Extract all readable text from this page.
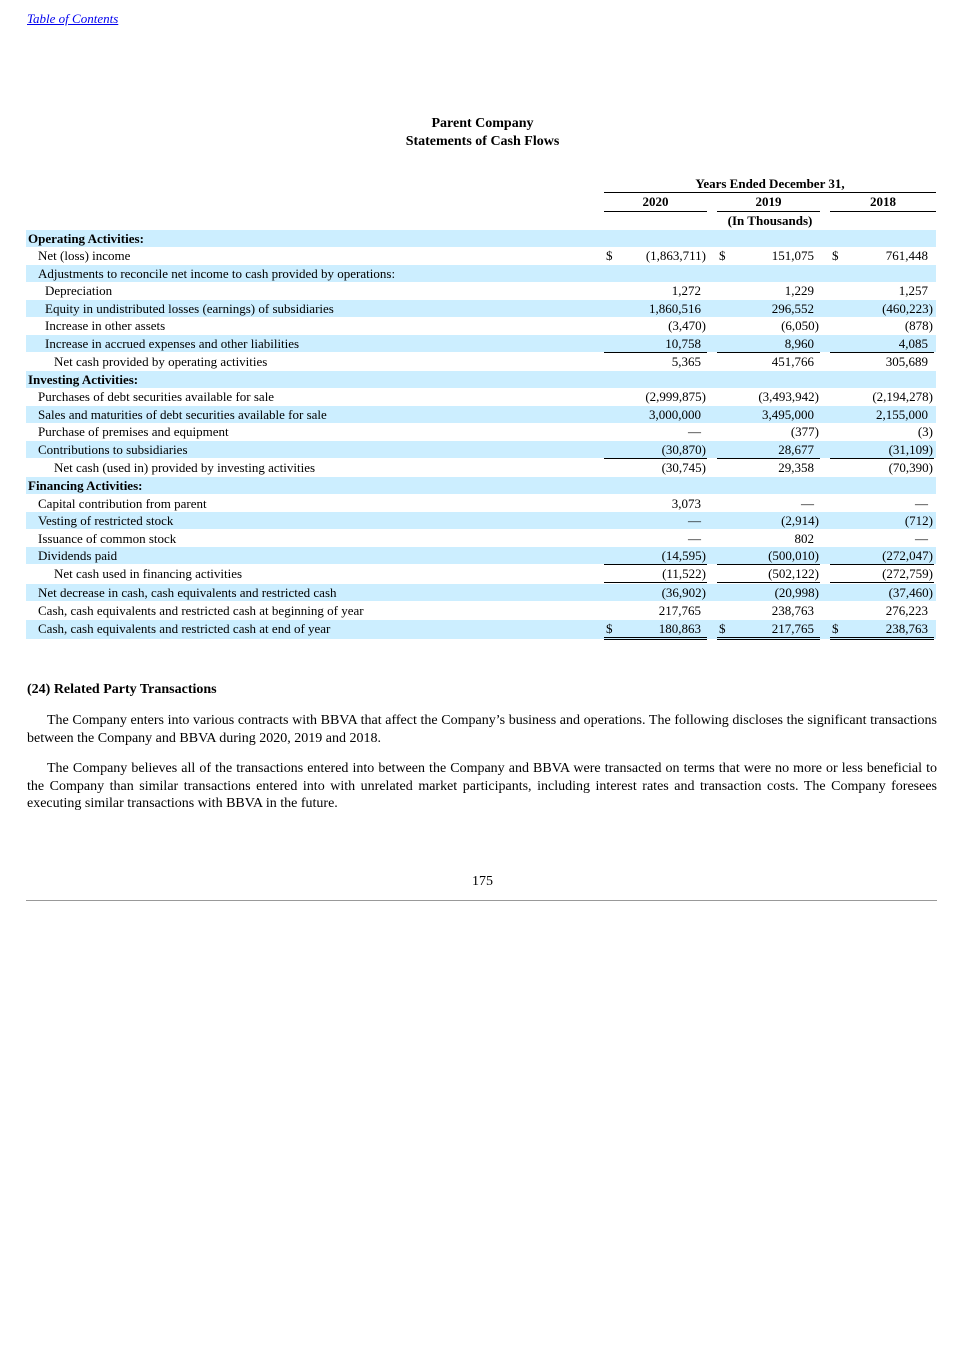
Table of Contents
Parent Company
Statements of Cash Flows
Years Ended December 31,
2020	2019	2018
(In Thousands)
Operating Activities:
Net (loss) income	$	(1,863,711) $	151,075	$	761,448
Adjustments to reconcile net income to cash provided by operations:
Depreciation	1,272	1,229	1,257
Equity in undistributed losses (earnings) of subsidiaries	1,860,516	296,552	(460,223)
Increase in other assets	(3,470)	(6,050)	(878)
Increase in accrued expenses and other liabilities	10,758	8,960	4,085
Net cash provided by operating activities	5,365	451,766	305,689
Investing Activities:
Purchases of debt securities available for sale	(2,999,875)	(3,493,942)	(2,194,278)
Sales and maturities of debt securities available for sale	3,000,000	3,495,000	2,155,000
Purchase of premises and equipment	—	(377)	(3)
Contributions to subsidiaries	(30,870)	28,677	(31,109)
Net cash (used in) provided by investing activities	(30,745)	29,358	(70,390)
Financing Activities:
Capital contribution from parent	3,073	—	—
Vesting of restricted stock	—	(2,914)	(712)
Issuance of common stock	—	802	—
Dividends paid	(14,595)	(500,010)	(272,047)
Net cash used in financing activities	(11,522)	(502,122)	(272,759)
Net decrease in cash, cash equivalents and restricted cash	(36,902)	(20,998)	(37,460)
Cash, cash equivalents and restricted cash at beginning of year	217,765	238,763	276,223
Cash, cash equivalents and restricted cash at end of year	$	180,863	$	217,765	$	238,763
(24) Related Party Transactions
The Company enters into various contracts with BBVA that affect the Company’s business and operations. The following discloses the significant transactions between the Company and BBVA during 2020, 2019 and 2018.
The Company believes all of the transactions entered into between the Company and BBVA were transacted on terms that were no more or less beneficial to the Company than similar transactions entered into with unrelated market participants, including interest rates and transaction costs. The Company foresees executing similar transactions with BBVA in the future.
175
